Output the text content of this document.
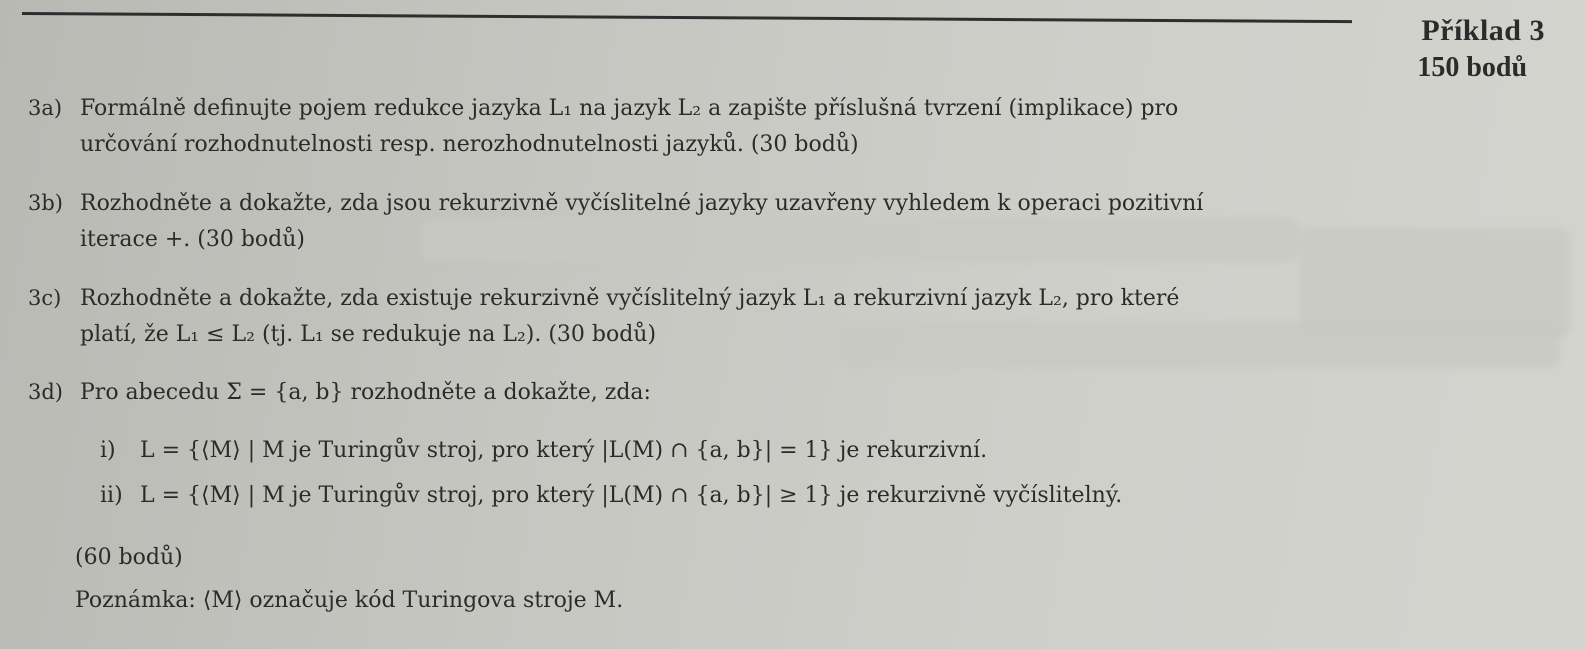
Příklad 3
150 bodů
3a) Formálně definujte pojem redukce jazyka L₁ na jazyk L₂ a zapište příslušná tvrzení (implikace) pro
určování rozhodnutelnosti resp. nerozhodnutelnosti jazyků. (30 bodů)
3b) Rozhodněte a dokažte, zda jsou rekurzivně vyčíslitelné jazyky uzavřeny vyhledem k operaci pozitivní
iterace +. (30 bodů)
3c) Rozhodněte a dokažte, zda existuje rekurzivně vyčíslitelný jazyk L₁ a rekurzivní jazyk L₂, pro které
platí, že L₁ ≤ L₂ (tj. L₁ se redukuje na L₂). (30 bodů)
3d) Pro abecedu Σ = {a, b} rozhodněte a dokažte, zda:
i) L = {⟨M⟩ | M je Turingův stroj, pro který |L(M) ∩ {a, b}| = 1} je rekurzivní.
ii) L = {⟨M⟩ | M je Turingův stroj, pro který |L(M) ∩ {a, b}| ≥ 1} je rekurzivně vyčíslitelný.
(60 bodů)
Poznámka: ⟨M⟩ označuje kód Turingova stroje M.
